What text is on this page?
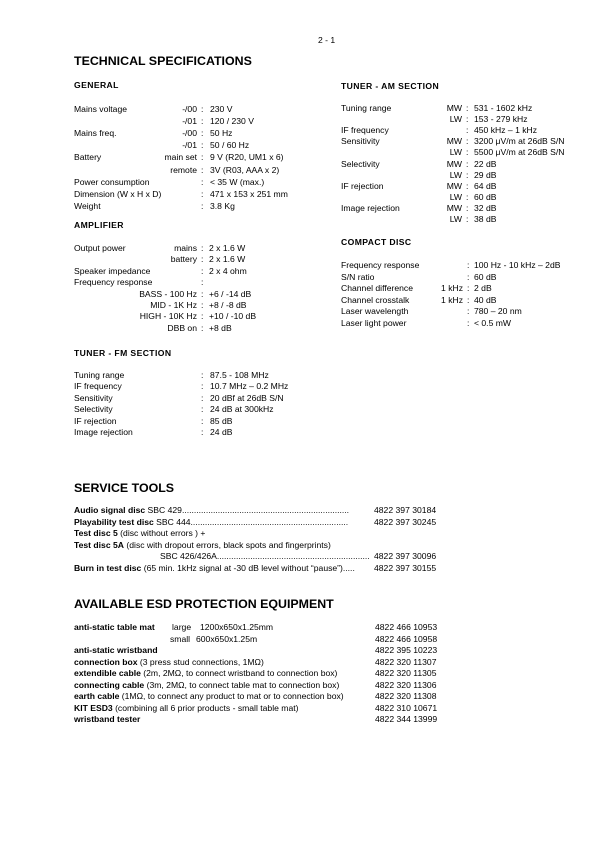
2 - 1
TECHNICAL SPECIFICATIONS
GENERAL
Mains voltage	-/00 : 230 V
-/01 : 120 / 230 V
Mains freq.	-/00 : 50 Hz
-/01 : 50 / 60 Hz
Battery	main set : 9 V (R20, UM1 x 6)
remote : 3V (R03, AAA x 2)
Power consumption	: < 35 W (max.)
Dimension (W x H x D)	: 471 x 153 x 251 mm
Weight	: 3.8 Kg
AMPLIFIER
Output power	mains : 2 x 1.6 W
battery : 2 x 1.6 W
Speaker impedance	: 2 x 4 ohm
Frequency response	:
BASS - 100 Hz : +6 / -14 dB
MID - 1K Hz : +8 / -8 dB
HIGH - 10K Hz : +10 / -10 dB
DBB on : +8 dB
TUNER - FM SECTION
Tuning range	: 87.5 - 108 MHz
IF frequency	: 10.7 MHz – 0.2 MHz
Sensitivity	: 20 dBf at 26dB S/N
Selectivity	: 24 dB at 300kHz
IF rejection	: 85 dB
Image rejection	: 24 dB
TUNER - AM SECTION
Tuning range	MW : 531 - 1602 kHz
LW : 153 - 279 kHz
IF frequency	: 450 kHz – 1 kHz
Sensitivity	MW : 3200 μV/m at 26dB S/N
LW : 5500 μV/m at 26dB S/N
Selectivity	MW : 22 dB
LW : 29 dB
IF rejection	MW : 64 dB
LW : 60 dB
Image rejection	MW : 32 dB
LW : 38 dB
COMPACT DISC
Frequency response	: 100 Hz - 10 kHz – 2dB
S/N ratio	: 60 dB
Channel difference	1 kHz : 2 dB
Channel crosstalk	1 kHz : 40 dB
Laser wavelength	: 780 – 20 nm
Laser light power	: < 0.5 mW
SERVICE TOOLS
Audio signal disc SBC 429......................................................................	4822 397 30184
Playability test disc SBC 444..................................................................	4822 397 30245
Test disc 5 (disc without errors ) +
Test disc 5A (disc with dropout errors, black spots and fingerprints)
SBC 426/426A................................................................ 4822 397 30096
Burn in test disc (65 min. 1kHz signal at -30 dB level without “pause”)..... 4822 397 30155
AVAILABLE ESD PROTECTION EQUIPMENT
anti-static table mat large 1200x650x1.25mm	4822 466 10953
small 600x650x1.25m	4822 466 10958
anti-static wristband	4822 395 10223
connection box (3 press stud connections, 1MΩ)	4822 320 11307
extendible cable (2m, 2MΩ, to connect wristband to connection box)	4822 320 11305
connecting cable (3m, 2MΩ, to connect table mat to connection box)	4822 320 11306
earth cable (1MΩ, to connect any product to mat or to connection box)	4822 320 11308
KIT ESD3 (combining all 6 prior products - small table mat)	4822 310 10671
wristband tester	4822 344 13999
